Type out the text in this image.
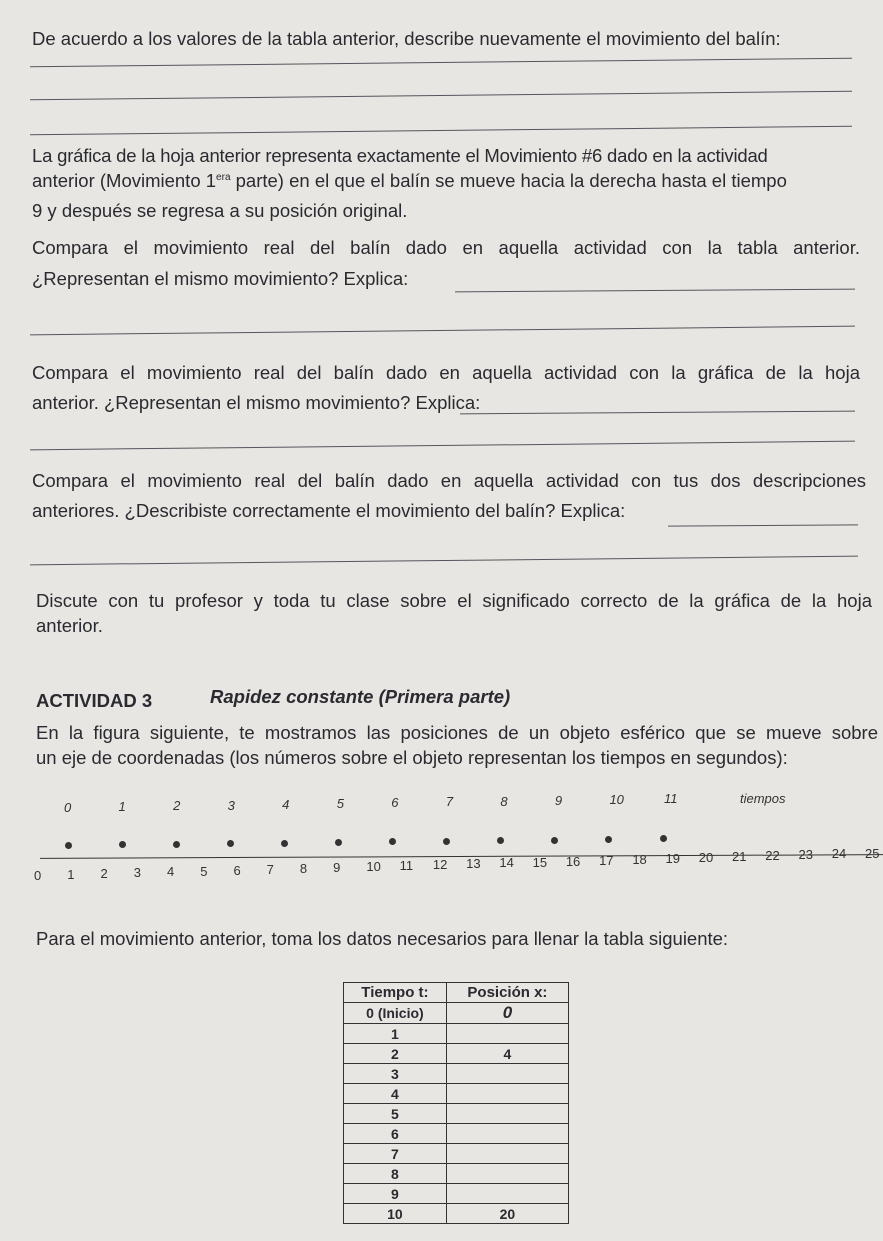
De acuerdo a los valores de la tabla anterior, describe nuevamente el movimiento del balín:
La gráfica de la hoja anterior representa exactamente el Movimiento #6 dado en la actividad
anterior (Movimiento $1^{era}$ parte) en el que el balín se mueve hacia la derecha hasta el tiempo
9 y después se regresa a su posición original.
Compara el movimiento real del balín dado en aquella actividad con la tabla anterior.
¿Representan el mismo movimiento? Explica:
Compara el movimiento real del balín dado en aquella actividad con la gráfica de la hoja
anterior. ¿Representan el mismo movimiento? Explica:
Compara el movimiento real del balín dado en aquella actividad con tus dos descripciones
anteriores. ¿Describiste correctamente el movimiento del balín? Explica:
Discute con tu profesor y toda tu clase sobre el significado correcto de la gráfica de la hoja
anterior.
ACTIVIDAD 3	Rapidez constante (Primera parte)
En la figura siguiente, te mostramos las posiciones de un objeto esférico que se mueve sobre
un eje de coordenadas (los números sobre el objeto representan los tiempos en segundos):
tiempos
0 1 2 3 4 5 6 7 8 9 10 11 12 13 14 15 16 17 18 19 20 21 22 23 24 25
0	1	2	3	4	5	6	7	8	9	10	11
Para el movimiento anterior, toma los datos necesarios para llenar la tabla siguiente:
Tiempo t:	Posición x:
0 (Inicio)	0
1	
2	4
3	
4	
5	
6	
7	
8	
9	
10	20
